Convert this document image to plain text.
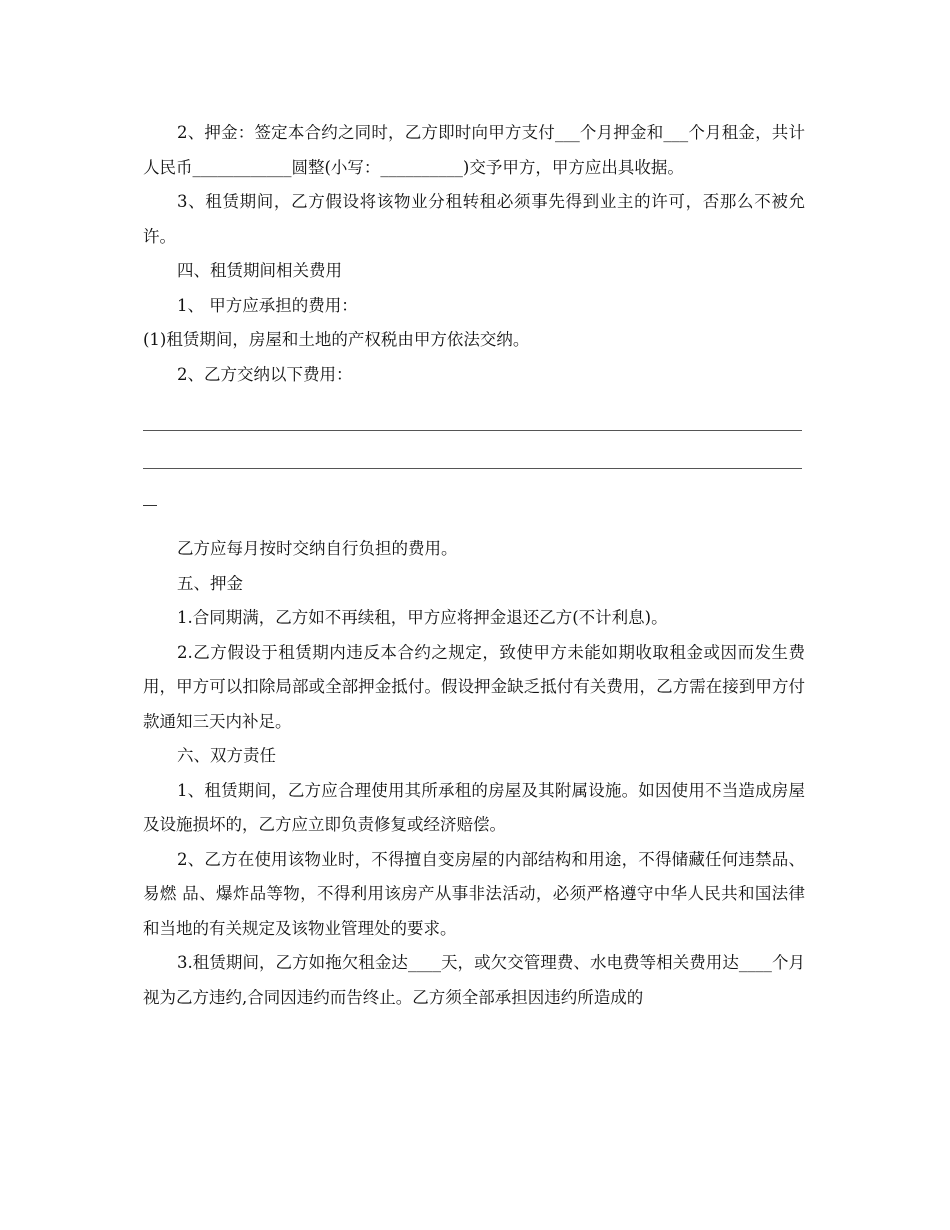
2、押金：签定本合约之同时，乙方即时向甲方支付___个月押金和___个月租金，共计人民币____________圆整(小写：__________)交予甲方，甲方应出具收据。

3、租赁期间，乙方假设将该物业分租转租必须事先得到业主的许可，否那么不被允许。

四、租赁期间相关费用

1、 甲方应承担的费用：

(1)租赁期间，房屋和土地的产权税由甲方依法交纳。

2、乙方交纳以下费用：

乙方应每月按时交纳自行负担的费用。

五、押金

1.合同期满，乙方如不再续租，甲方应将押金退还乙方(不计利息)。

2.乙方假设于租赁期内违反本合约之规定，致使甲方未能如期收取租金或因而发生费用，甲方可以扣除局部或全部押金抵付。假设押金缺乏抵付有关费用，乙方需在接到甲方付款通知三天内补足。

六、双方责任

1、租赁期间，乙方应合理使用其所承租的房屋及其附属设施。如因使用不当造成房屋及设施损坏的，乙方应立即负责修复或经济赔偿。

2、乙方在使用该物业时，不得擅自变房屋的内部结构和用途，不得储藏任何违禁品、易燃 品、爆炸品等物，不得利用该房产从事非法活动，必须严格遵守中华人民共和国法律和当地的有关规定及该物业管理处的要求。

3.租赁期间，乙方如拖欠租金达____天，或欠交管理费、水电费等相关费用达____个月视为乙方违约,合同因违约而告终止。乙方须全部承担因违约所造成的
